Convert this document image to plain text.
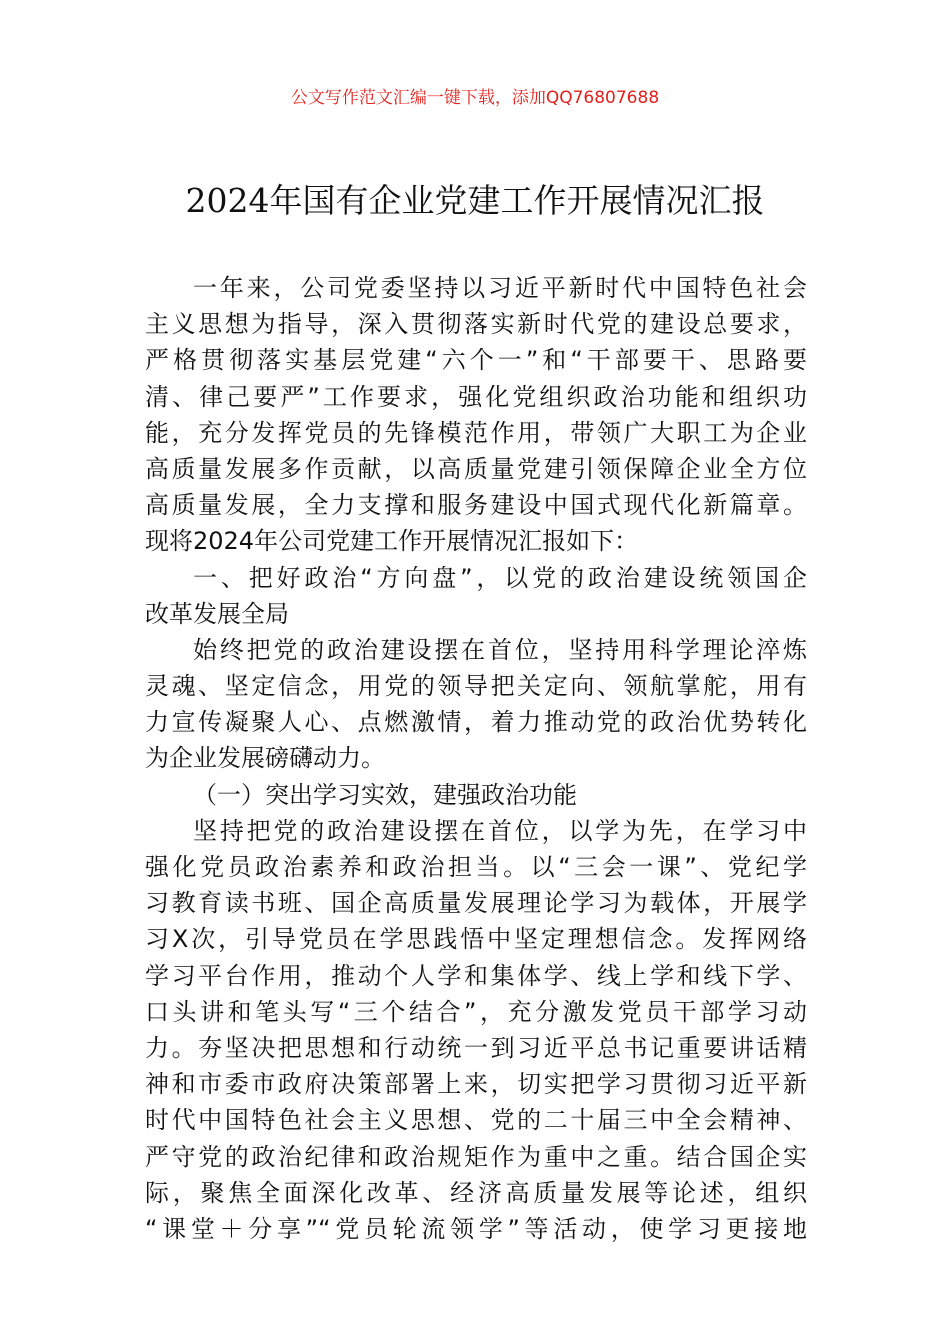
公文写作范文汇编一键下载，添加QQ76807688
2024年国有企业党建工作开展情况汇报
一年来，公司党委坚持以习近平新时代中国特色社会
主义思想为指导，深入贯彻落实新时代党的建设总要求，
严格贯彻落实基层党建“六个一”和“干部要干、思路要
清、律己要严”工作要求，强化党组织政治功能和组织功
能，充分发挥党员的先锋模范作用，带领广大职工为企业
高质量发展多作贡献，以高质量党建引领保障企业全方位
高质量发展，全力支撑和服务建设中国式现代化新篇章。
现将2024年公司党建工作开展情况汇报如下：
一、把好政治“方向盘”，以党的政治建设统领国企
改革发展全局
始终把党的政治建设摆在首位，坚持用科学理论淬炼
灵魂、坚定信念，用党的领导把关定向、领航掌舵，用有
力宣传凝聚人心、点燃激情，着力推动党的政治优势转化
为企业发展磅礴动力。
（一）突出学习实效，建强政治功能
坚持把党的政治建设摆在首位，以学为先，在学习中
强化党员政治素养和政治担当。以“三会一课”、党纪学
习教育读书班、国企高质量发展理论学习为载体，开展学
习X次，引导党员在学思践悟中坚定理想信念。发挥网络
学习平台作用，推动个人学和集体学、线上学和线下学、
口头讲和笔头写“三个结合”，充分激发党员干部学习动
力。夯坚决把思想和行动统一到习近平总书记重要讲话精
神和市委市政府决策部署上来，切实把学习贯彻习近平新
时代中国特色社会主义思想、党的二十届三中全会精神、
严守党的政治纪律和政治规矩作为重中之重。结合国企实
际，聚焦全面深化改革、经济高质量发展等论述，组织
“课堂＋分享”“党员轮流领学”等活动，使学习更接地
